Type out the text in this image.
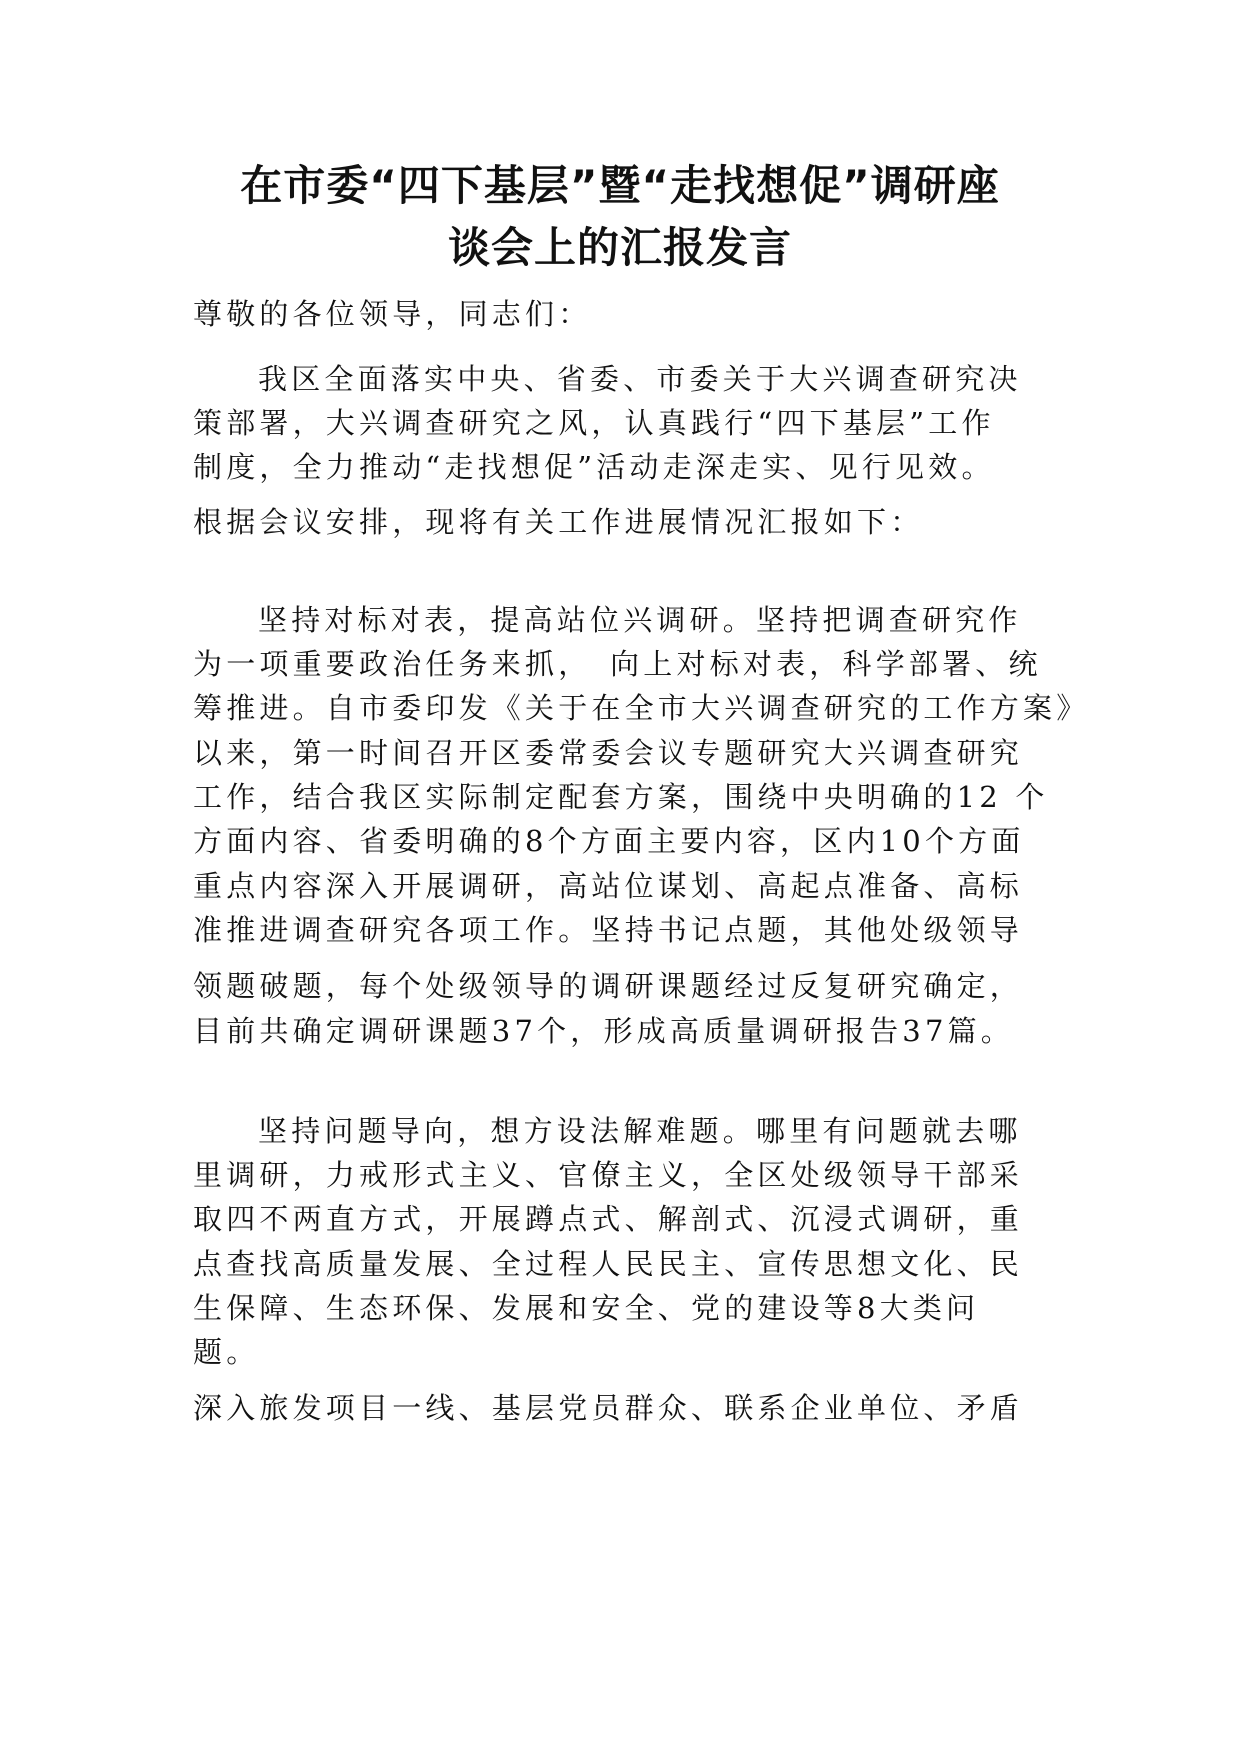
在市委“四下基层”暨“走找想促”调研座
谈会上的汇报发言
尊敬的各位领导，同志们：
我区全面落实中央、省委、市委关于大兴调查研究决
策部署，大兴调查研究之风，认真践行“四下基层”工作
制度，全力推动“走找想促”活动走深走实、见行见效。
根据会议安排，现将有关工作进展情况汇报如下：
坚持对标对表，提高站位兴调研。坚持把调查研究作
为一项重要政治任务来抓，　向上对标对表，科学部署、统
筹推进。自市委印发《关于在全市大兴调查研究的工作方案》
以来，第一时间召开区委常委会议专题研究大兴调查研究
工作，结合我区实际制定配套方案，围绕中央明确的12 个
方面内容、省委明确的8个方面主要内容，区内10个方面
重点内容深入开展调研，高站位谋划、高起点准备、高标
准推进调查研究各项工作。坚持书记点题，其他处级领导
领题破题，每个处级领导的调研课题经过反复研究确定，
目前共确定调研课题37个，形成高质量调研报告37篇。
坚持问题导向，想方设法解难题。哪里有问题就去哪
里调研，力戒形式主义、官僚主义，全区处级领导干部采
取四不两直方式，开展蹲点式、解剖式、沉浸式调研，重
点查找高质量发展、全过程人民民主、宣传思想文化、民
生保障、生态环保、发展和安全、党的建设等8大类问
题。
深入旅发项目一线、基层党员群众、联系企业单位、矛盾
